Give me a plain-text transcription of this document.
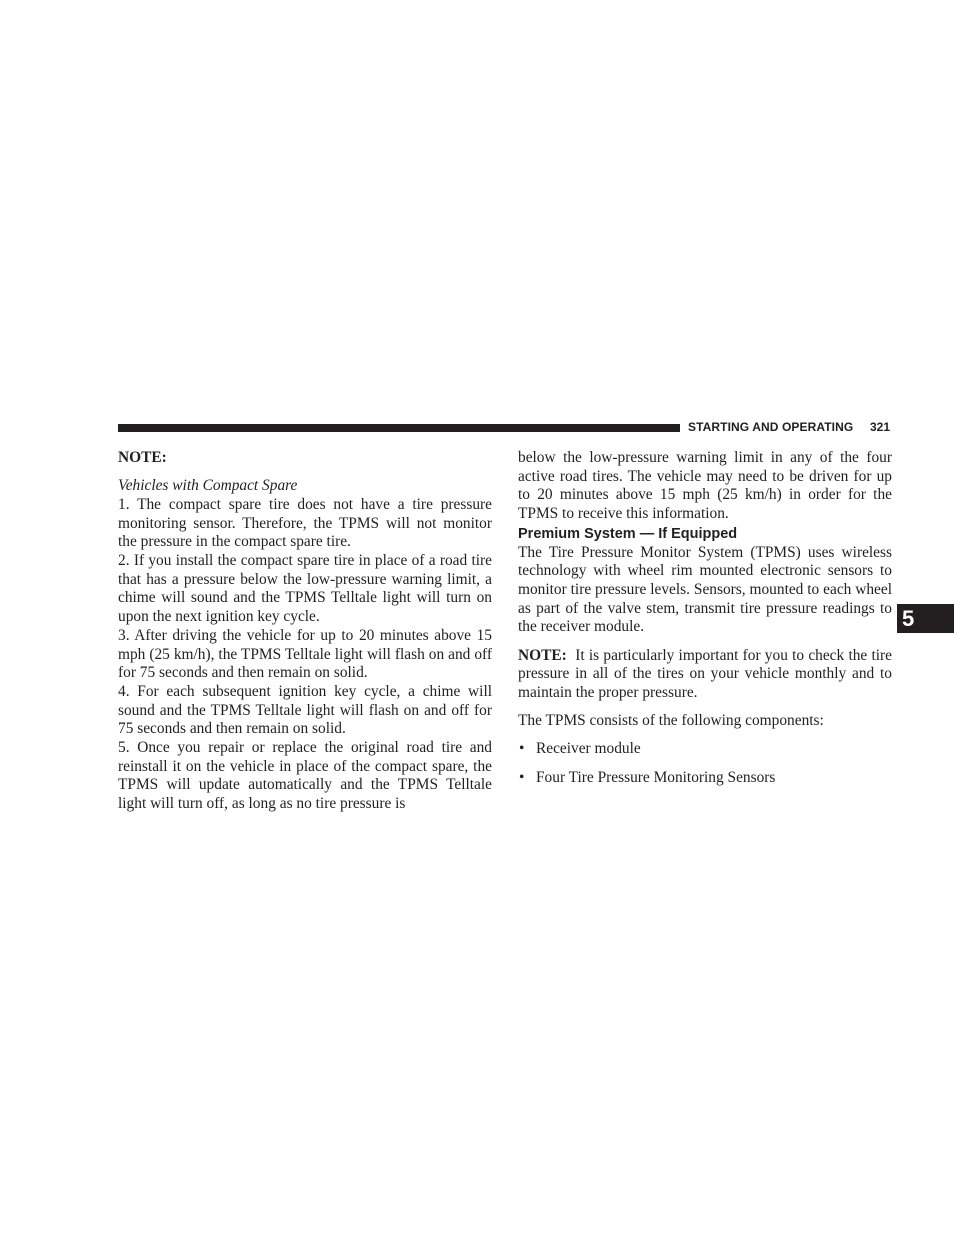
STARTING AND OPERATING 321

NOTE:

Vehicles with Compact Spare

1. The compact spare tire does not have a tire pressure monitoring sensor. Therefore, the TPMS will not monitor the pressure in the compact spare tire.

2. If you install the compact spare tire in place of a road tire that has a pressure below the low-pressure warning limit, a chime will sound and the TPMS Telltale light will turn on upon the next ignition key cycle.

3. After driving the vehicle for up to 20 minutes above 15 mph (25 km/h), the TPMS Telltale light will flash on and off for 75 seconds and then remain on solid.

4. For each subsequent ignition key cycle, a chime will sound and the TPMS Telltale light will flash on and off for 75 seconds and then remain on solid.

5. Once you repair or replace the original road tire and reinstall it on the vehicle in place of the compact spare, the TPMS will update automatically and the TPMS Telltale light will turn off, as long as no tire pressure is

below the low-pressure warning limit in any of the four active road tires. The vehicle may need to be driven for up to 20 minutes above 15 mph (25 km/h) in order for the TPMS to receive this information.

Premium System — If Equipped

The Tire Pressure Monitor System (TPMS) uses wireless technology with wheel rim mounted electronic sensors to monitor tire pressure levels. Sensors, mounted to each wheel as part of the valve stem, transmit tire pressure readings to the receiver module.

NOTE: It is particularly important for you to check the tire pressure in all of the tires on your vehicle monthly and to maintain the proper pressure.

The TPMS consists of the following components:

• Receiver module

• Four Tire Pressure Monitoring Sensors

5
